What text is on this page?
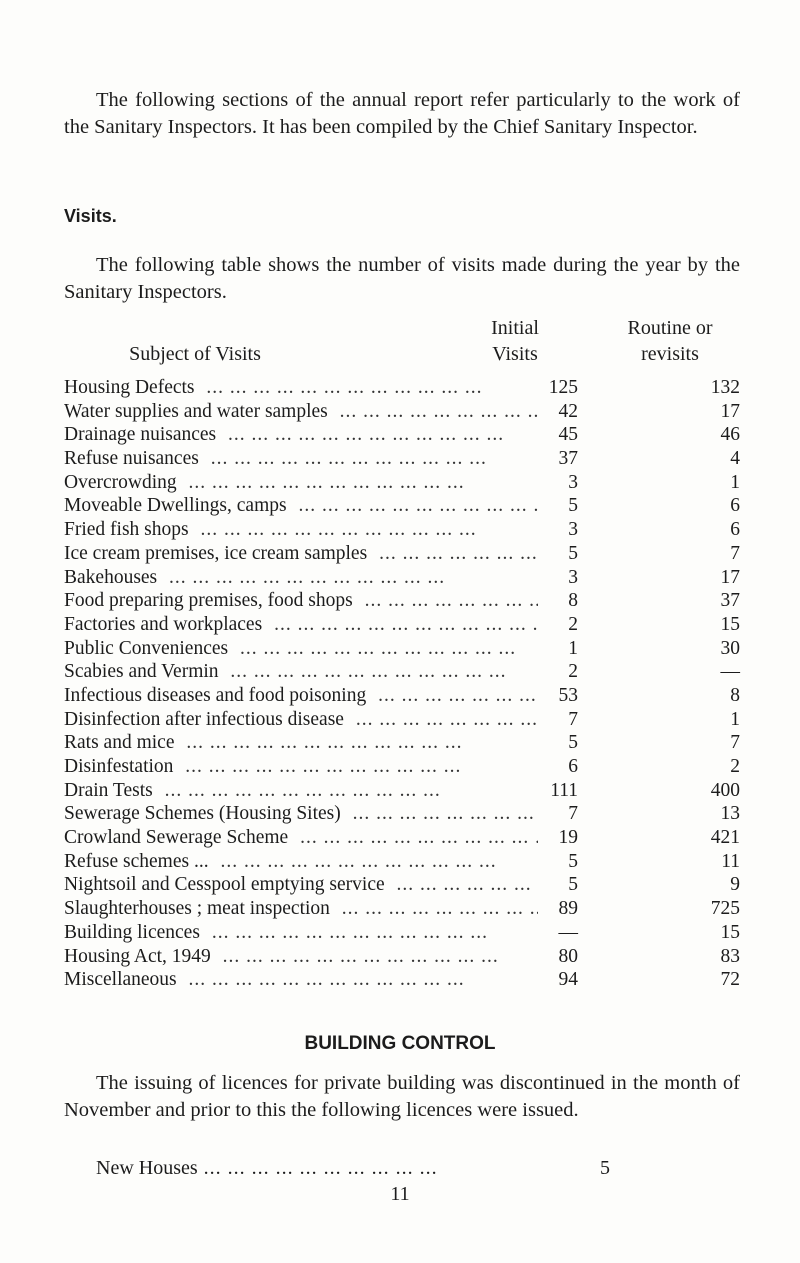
The following sections of the annual report refer particularly to the work of the Sanitary Inspectors. It has been compiled by the Chief Sanitary Inspector.

Visits.

The following table shows the number of visits made during the year by the Sanitary Inspectors.

Subject of Visits
Initial
Visits
Routine or
revisits
Housing Defects ... .	125	132
Water supplies and water samples ... .	42	17
Drainage nuisances ... .	45	46
Refuse nuisances ... .	37	4
Overcrowding ... .	3	1
Moveable Dwellings, camps ... .	5	6
Fried fish shops ... .	3	6
Ice cream premises, ice cream samples ... .	5	7
Bakehouses ... .	3	17
Food preparing premises, food shops ... .	8	37
Factories and workplaces ... .	2	15
Public Conveniences ... .	1	30
Scabies and Vermin ... .	2	—
Infectious diseases and food poisoning ... .	53	8
Disinfection after infectious disease ... .	7	1
Rats and mice ... .	5	7
Disinfestation ... .	6	2
Drain Tests ... .	111	400
Sewerage Schemes (Housing Sites) ... .	7	13
Crowland Sewerage Scheme ... .	19	421
Refuse schemes ... ... .	5	11
Nightsoil and Cesspool emptying service ... .	5	9
Slaughterhouses ; meat inspection ... .	89	725
Building licences ... .	—	15
Housing Act, 1949 ... .	80	83
Miscellaneous ... .	94	72
BUILDING CONTROL

The issuing of licences for private building was discontinued in the month of November and prior to this the following licences were issued.

New Houses ... .	5
11
